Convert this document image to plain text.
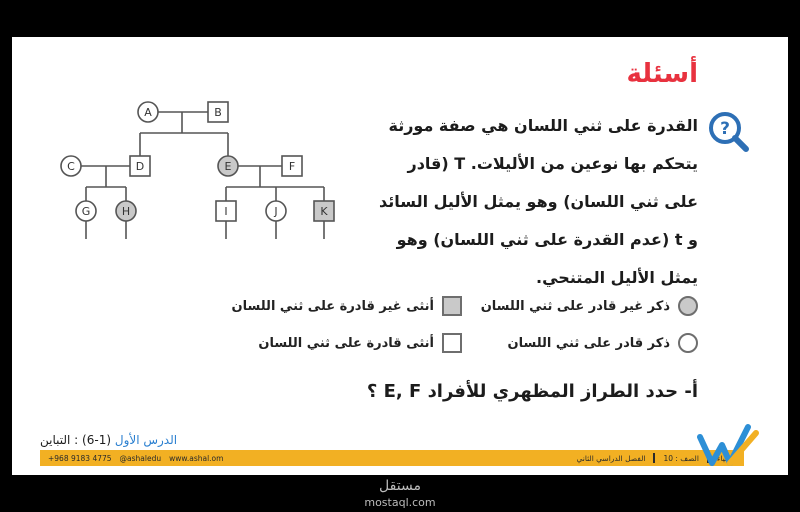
أسئلة
?

القدرة على ثني اللسان هي صفة مورثة يتحكم بها نوعين من الأليلات. T (قادر على ثني اللسان) وهو يمثل الأليل السائد و t (عدم القدرة على ثني اللسان) وهو يمثل الأليل المتنحي.

A	B
C	D	E	F
G	H	I	J	K
ذكر غير قادر على ثني اللسان
أنثى غير قادرة على ثني اللسان
ذكر قادر على ثني اللسان
أنثى قادرة على ثني اللسان

أ- حدد الطراز المظهري للأفراد E, F ؟

الدرس الأول (1-6) : التباين
+968 9183 4775 @ashaledu www.ashal.om	الاحياء
الصف : 10
الفصل الدراسي الثاني
مستقل
mostaql.com
